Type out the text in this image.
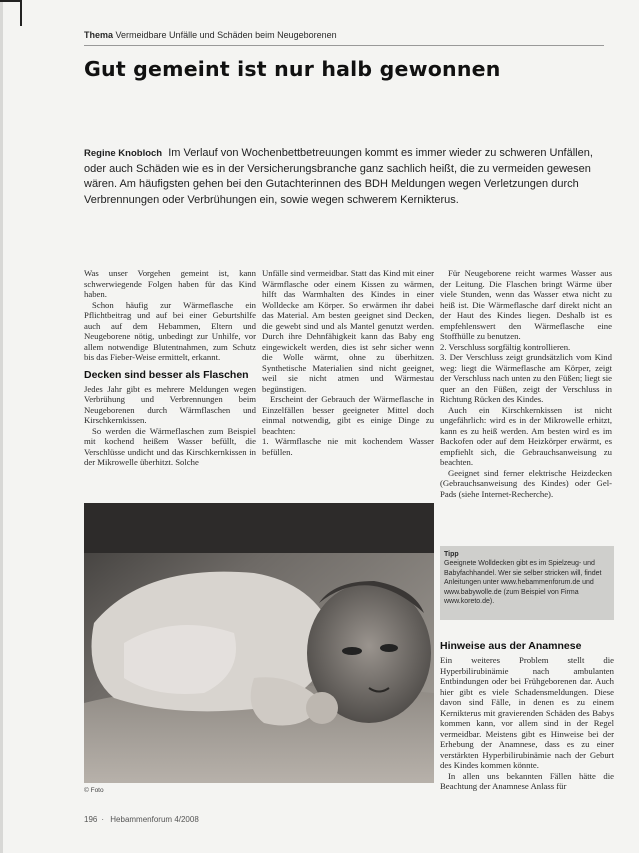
Thema Vermeidbare Unfälle und Schäden beim Neugeborenen
Gut gemeint ist nur halb gewonnen
Regine Knobloch Im Verlauf von Wochenbettbetreuungen kommt es immer wieder zu schweren Unfällen, oder auch Schäden wie es in der Versicherungsbranche ganz sachlich heißt, die zu vermeiden gewesen wären. Am häufigsten gehen bei den Gutachterinnen des BDH Meldungen wegen Verletzungen durch Verbrennungen oder Verbrühungen ein, sowie wegen schwerem Kernikterus.

Was unser Vorgehen gemeint ist, kann schwerwiegende Folgen haben für das Kind haben.

Schon häufig zur Wärmeflasche ein Pflichtbeitrag und auf bei einer Geburtshilfe auch auf dem Hebammen, Eltern und Neugeborene nötig, unbedingt zur Unhilfe, vor allem notwendige Blutentnahmen, zum Schutz bis das Fieber-Weise ermittelt, erkannt.

Decken sind besser als Flaschen

Jedes Jahr gibt es mehrere Meldungen wegen Verbrühung und Verbrennungen beim Neugeborenen durch Wärmflaschen und Kirschkernkissen.

So werden die Wärmeflaschen zum Beispiel mit kochend heißem Wasser befüllt, die Verschlüsse undicht und das Kirschkernkissen in der Mikrowelle überhitzt. Solche

Unfälle sind vermeidbar. Statt das Kind mit einer Wärmflasche oder einem Kissen zu wärmen, hilft das Warmhalten des Kindes in einer Wolldecke am Körper. So erwärmen ihr dabei das Material. Am besten geeignet sind Decken, die gewebt sind und als Mantel genutzt werden. Durch ihre Dehnfähigkeit kann das Baby eng eingewickelt werden, dies ist sehr sicher wenn die Wolle wärmt, ohne zu überhitzen. Synthetische Materialien sind nicht geeignet, weil sie nicht atmen und Wärmestau begünstigen.

Erscheint der Gebrauch der Wärmeflasche in Einzelfällen besser geeigneter Mittel doch einmal notwendig, gibt es einige Dinge zu beachten:

1. Wärmflasche nie mit kochendem Wasser befüllen.

Für Neugeborene reicht warmes Wasser aus der Leitung. Die Flaschen bringt Wärme über viele Stunden, wenn das Wasser etwa nicht zu heiß ist. Die Wärmeflasche darf direkt nicht an der Haut des Kindes liegen. Deshalb ist es empfehlenswert den Wärmeflasche eine Stoffhülle zu benutzen.

2. Verschluss sorgfältig kontrollieren.

3. Der Verschluss zeigt grundsätzlich vom Kind weg: liegt die Wärmeflasche am Körper, zeigt der Verschluss nach unten zu den Füßen; liegt sie quer an den Füßen, zeigt der Verschluss in Richtung Rücken des Kindes.

Auch ein Kirschkernkissen ist nicht ungefährlich: wird es in der Mikrowelle erhitzt, kann es zu heiß werden. Am besten wird es im Backofen oder auf dem Heizkörper erwärmt, es empfiehlt sich, die Gebrauchsanweisung zu beachten.

Geeignet sind ferner elektrische Heizdecken (Gebrauchsanweisung des Kindes) oder Gel-Pads (siehe Internet-Recherche).

© Foto
Tipp
Geeignete Wolldecken gibt es im Spielzeug- und Babyfachhandel. Wer sie selber stricken will, findet Anleitungen unter www.hebammenforum.de und www.babywolle.de (zum Beispiel von Firma www.koreto.de).
Hinweise aus der Anamnese

Ein weiteres Problem stellt die Hyperbilirubinämie nach ambulanten Entbindungen oder bei Frühgeborenen dar. Auch hier gibt es viele Schadensmeldungen. Diese davon sind Fälle, in denen es zu einem Kernikterus mit gravierenden Schäden des Babys kommen kann, vor allem sind in der Regel vermeidbar. Meistens gibt es Hinweise bei der Erhebung der Anamnese, dass es zu einer verstärkten Hyperbilirubinämie nach der Geburt des Kindes kommen könnte.

In allen uns bekannten Fällen hätte die Beachtung der Anamnese Anlass für

196 · Hebammenforum 4/2008
